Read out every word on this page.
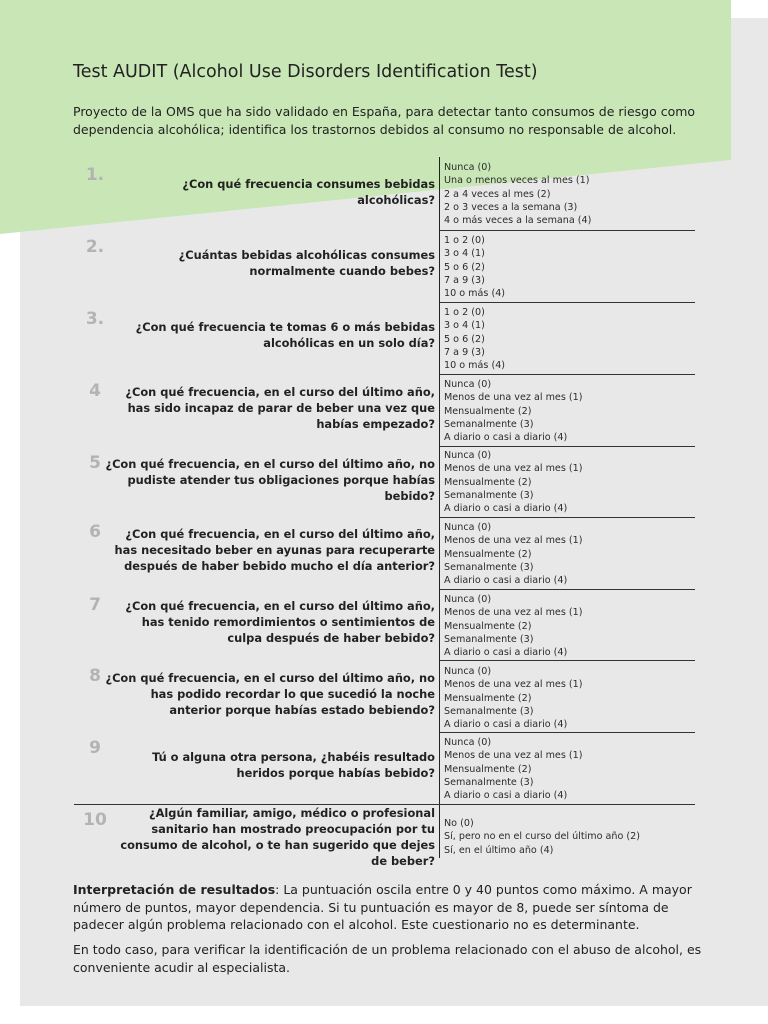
Test AUDIT (Alcohol Use Disorders Identification Test)

Proyecto de la OMS que ha sido validado en España, para detectar tanto consumos de riesgo como dependencia alcohólica; identifica los trastornos debidos al consumo no responsable de alcohol.

1.	¿Con qué frecuencia consumes bebidas alcohólicas?
Nunca (0)
Una o menos veces al mes (1)
2 a 4 veces al mes (2)
2 o 3 veces a la semana (3)
4 o más veces a la semana (4)
2.	¿Cuántas bebidas alcohólicas consumes normalmente cuando bebes?
1 o 2 (0)
3 o 4 (1)
5 o 6 (2)
7 a 9 (3)
10 o más (4)
3.	¿Con qué frecuencia te tomas 6 o más bebidas alcohólicas en un solo día?
1 o 2 (0)
3 o 4 (1)
5 o 6 (2)
7 a 9 (3)
10 o más (4)
4	¿Con qué frecuencia, en el curso del último año, has sido incapaz de parar de beber una vez que habías empezado?
Nunca (0)
Menos de una vez al mes (1)
Mensualmente (2)
Semanalmente (3)
A diario o casi a diario (4)
5 ¿Con qué frecuencia, en el curso del último año, no pudiste atender tus obligaciones porque habías bebido?
Nunca (0)
Menos de una vez al mes (1)
Mensualmente (2)
Semanalmente (3)
A diario o casi a diario (4)
6	¿Con qué frecuencia, en el curso del último año, has necesitado beber en ayunas para recuperarte después de haber bebido mucho el día anterior?
Nunca (0)
Menos de una vez al mes (1)
Mensualmente (2)
Semanalmente (3)
A diario o casi a diario (4)
7	¿Con qué frecuencia, en el curso del último año, has tenido remordimientos o sentimientos de culpa después de haber bebido?
Nunca (0)
Menos de una vez al mes (1)
Mensualmente (2)
Semanalmente (3)
A diario o casi a diario (4)
8 ¿Con qué frecuencia, en el curso del último año, no has podido recordar lo que sucedió la noche anterior porque habías estado bebiendo?
Nunca (0)
Menos de una vez al mes (1)
Mensualmente (2)
Semanalmente (3)
A diario o casi a diario (4)
9	Tú o alguna otra persona, ¿habéis resultado heridos porque habías bebido?
Nunca (0)
Menos de una vez al mes (1)
Mensualmente (2)
Semanalmente (3)
A diario o casi a diario (4)
10	¿Algún familiar, amigo, médico o profesional sanitario han mostrado preocupación por tu consumo de alcohol, o te han sugerido que dejes de beber?
No (0)
Sí, pero no en el curso del último año (2)
Sí, en el último año (4)

Interpretación de resultados: La puntuación oscila entre 0 y 40 puntos como máximo. A mayor número de puntos, mayor dependencia. Si tu puntuación es mayor de 8, puede ser síntoma de padecer algún problema relacionado con el alcohol. Este cuestionario no es determinante.

En todo caso, para verificar la identificación de un problema relacionado con el abuso de alcohol, es conveniente acudir al especialista.
